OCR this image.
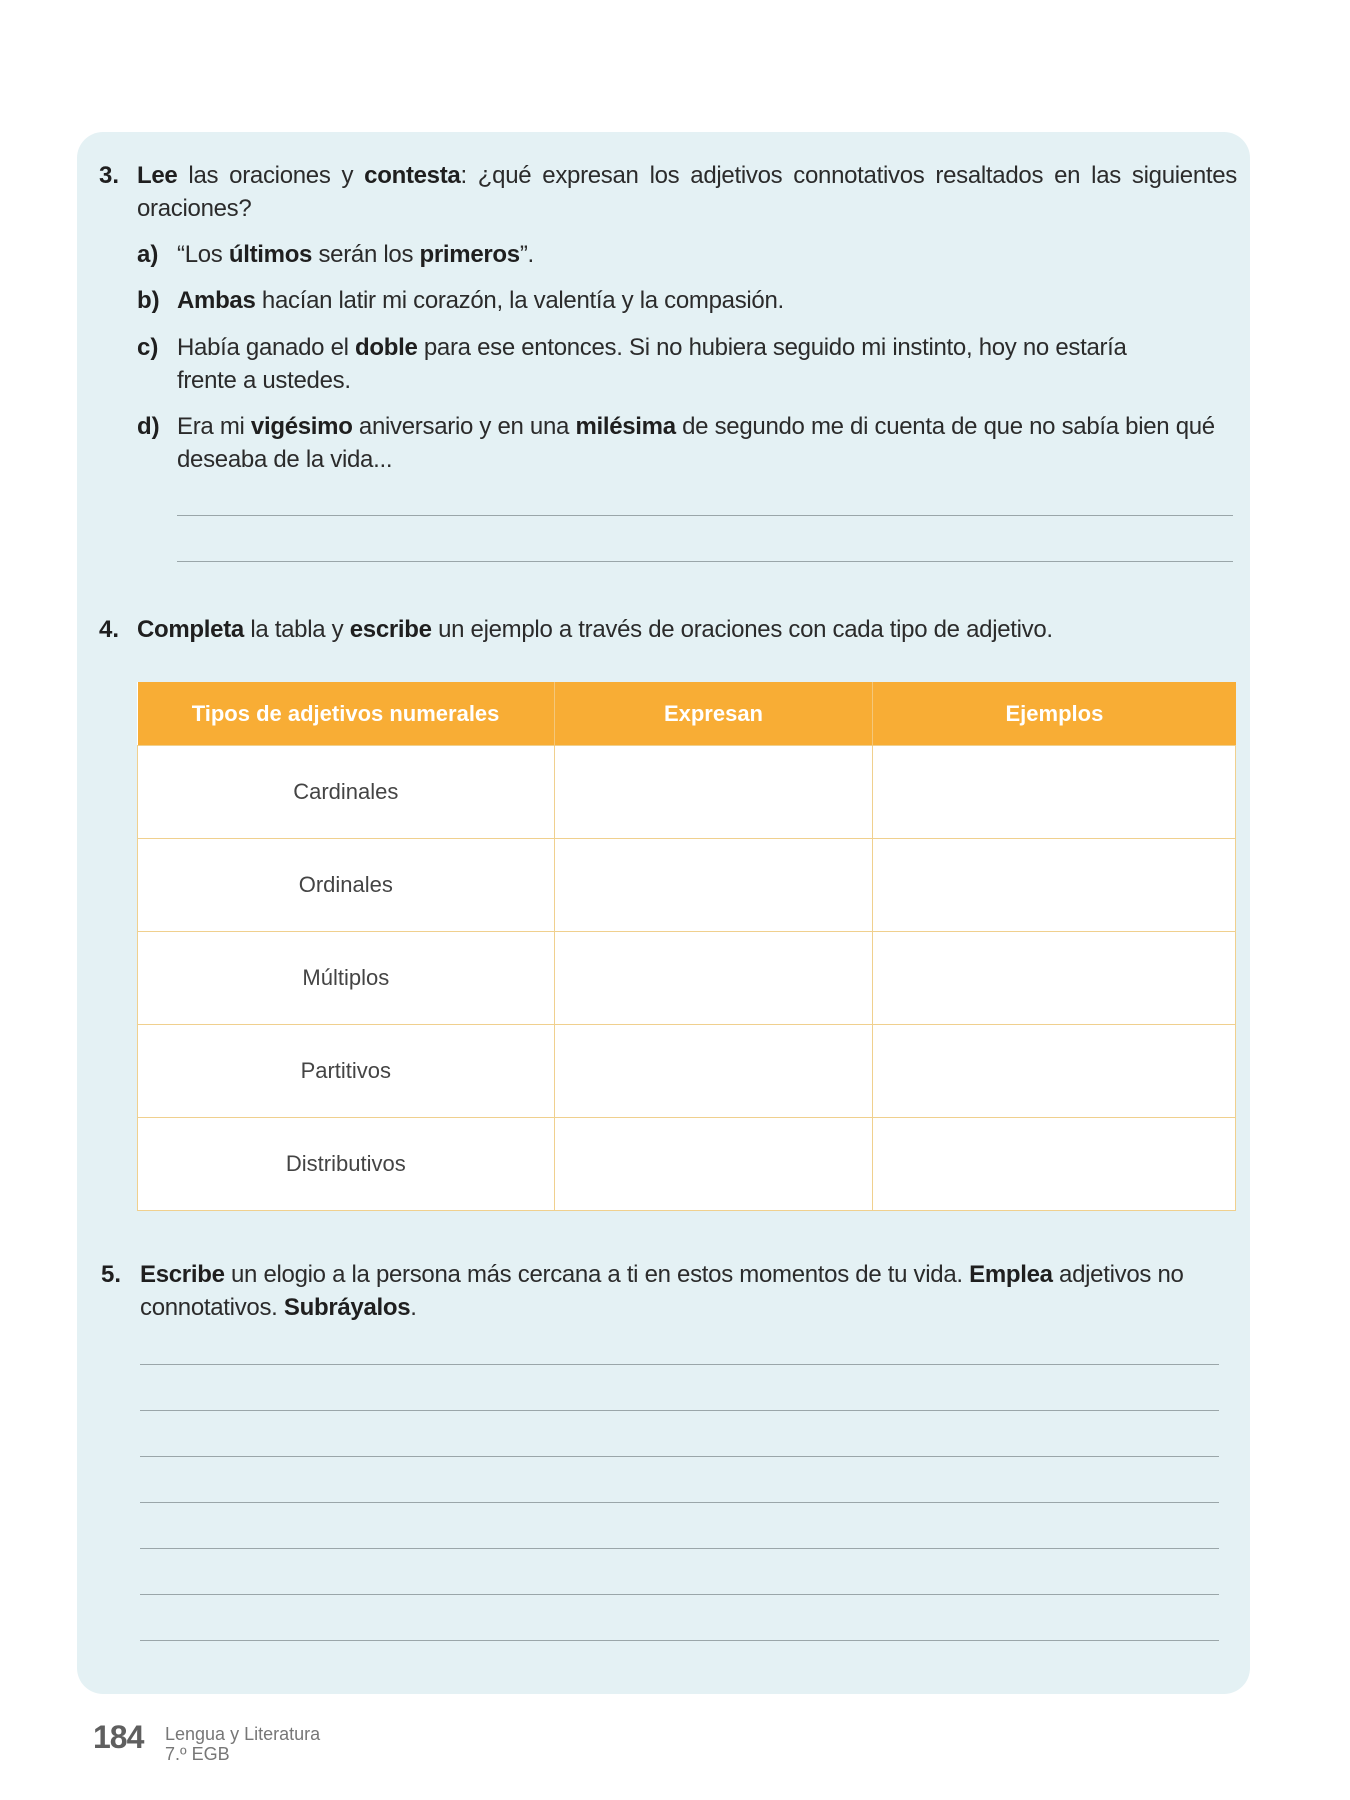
3. Lee las oraciones y contesta: ¿qué expresan los adjetivos connotativos resaltados en las siguientes oraciones?
a) “Los últimos serán los primeros”.
b) Ambas hacían latir mi corazón, la valentía y la compasión.
c) Había ganado el doble para ese entonces. Si no hubiera seguido mi instinto, hoy no estaría frente a ustedes.
d) Era mi vigésimo aniversario y en una milésima de segundo me di cuenta de que no sabía bien qué deseaba de la vida...
4. Completa la tabla y escribe un ejemplo a través de oraciones con cada tipo de adjetivo.
Tipos de adjetivos numerales	Expresan	Ejemplos
Cardinales		
Ordinales		
Múltiplos		
Partitivos		
Distributivos		
5. Escribe un elogio a la persona más cercana a ti en estos momentos de tu vida. Emplea adjetivos no connotativos. Subráyalos.
184 Lengua y Literatura
7.º EGB
